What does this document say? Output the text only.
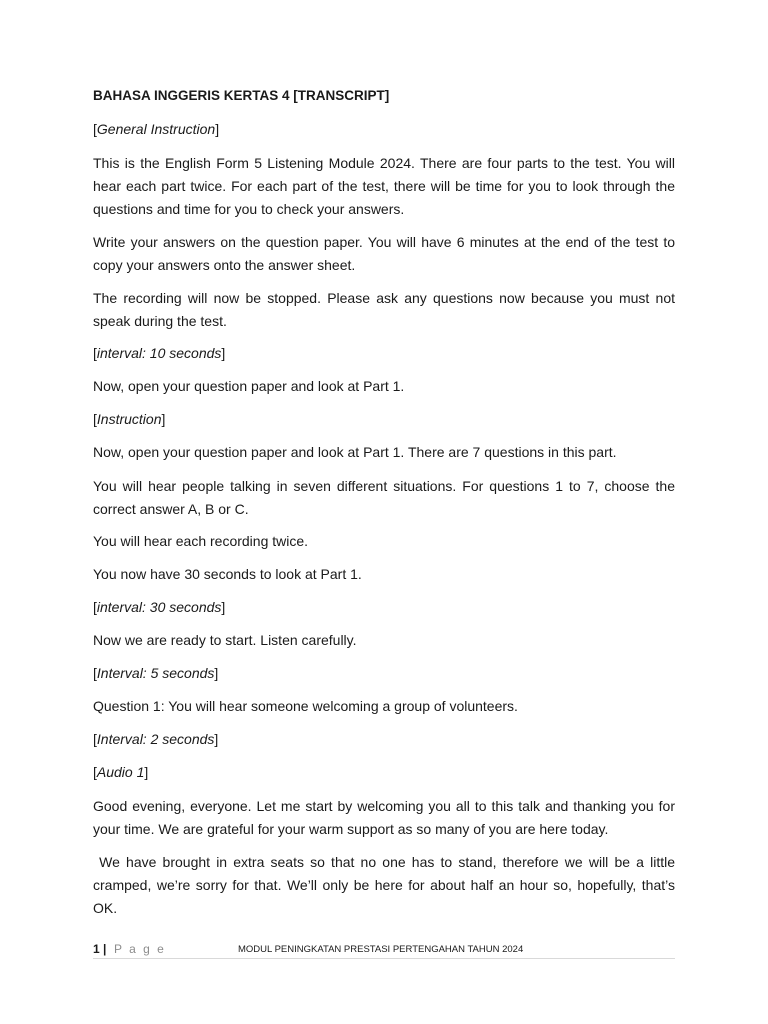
BAHASA INGGERIS KERTAS 4 [TRANSCRIPT]

[General Instruction]

This is the English Form 5 Listening Module 2024. There are four parts to the test. You will hear each part twice. For each part of the test, there will be time for you to look through the questions and time for you to check your answers.

Write your answers on the question paper. You will have 6 minutes at the end of the test to copy your answers onto the answer sheet.

The recording will now be stopped. Please ask any questions now because you must not speak during the test.

[interval: 10 seconds]

Now, open your question paper and look at Part 1.

[Instruction]

Now, open your question paper and look at Part 1. There are 7 questions in this part.

You will hear people talking in seven different situations. For questions 1 to 7, choose the correct answer A, B or C.

You will hear each recording twice.

You now have 30 seconds to look at Part 1.

[interval: 30 seconds]

Now we are ready to start. Listen carefully.

[Interval: 5 seconds]

Question 1: You will hear someone welcoming a group of volunteers.

[Interval: 2 seconds]

[Audio 1]

Good evening, everyone. Let me start by welcoming you all to this talk and thanking you for your time. We are grateful for your warm support as so many of you are here today.

We have brought in extra seats so that no one has to stand, therefore we will be a little cramped, we’re sorry for that. We’ll only be here for about half an hour so, hopefully, that’s OK.

1 | P a g e	MODUL PENINGKATAN PRESTASI PERTENGAHAN TAHUN 2024
